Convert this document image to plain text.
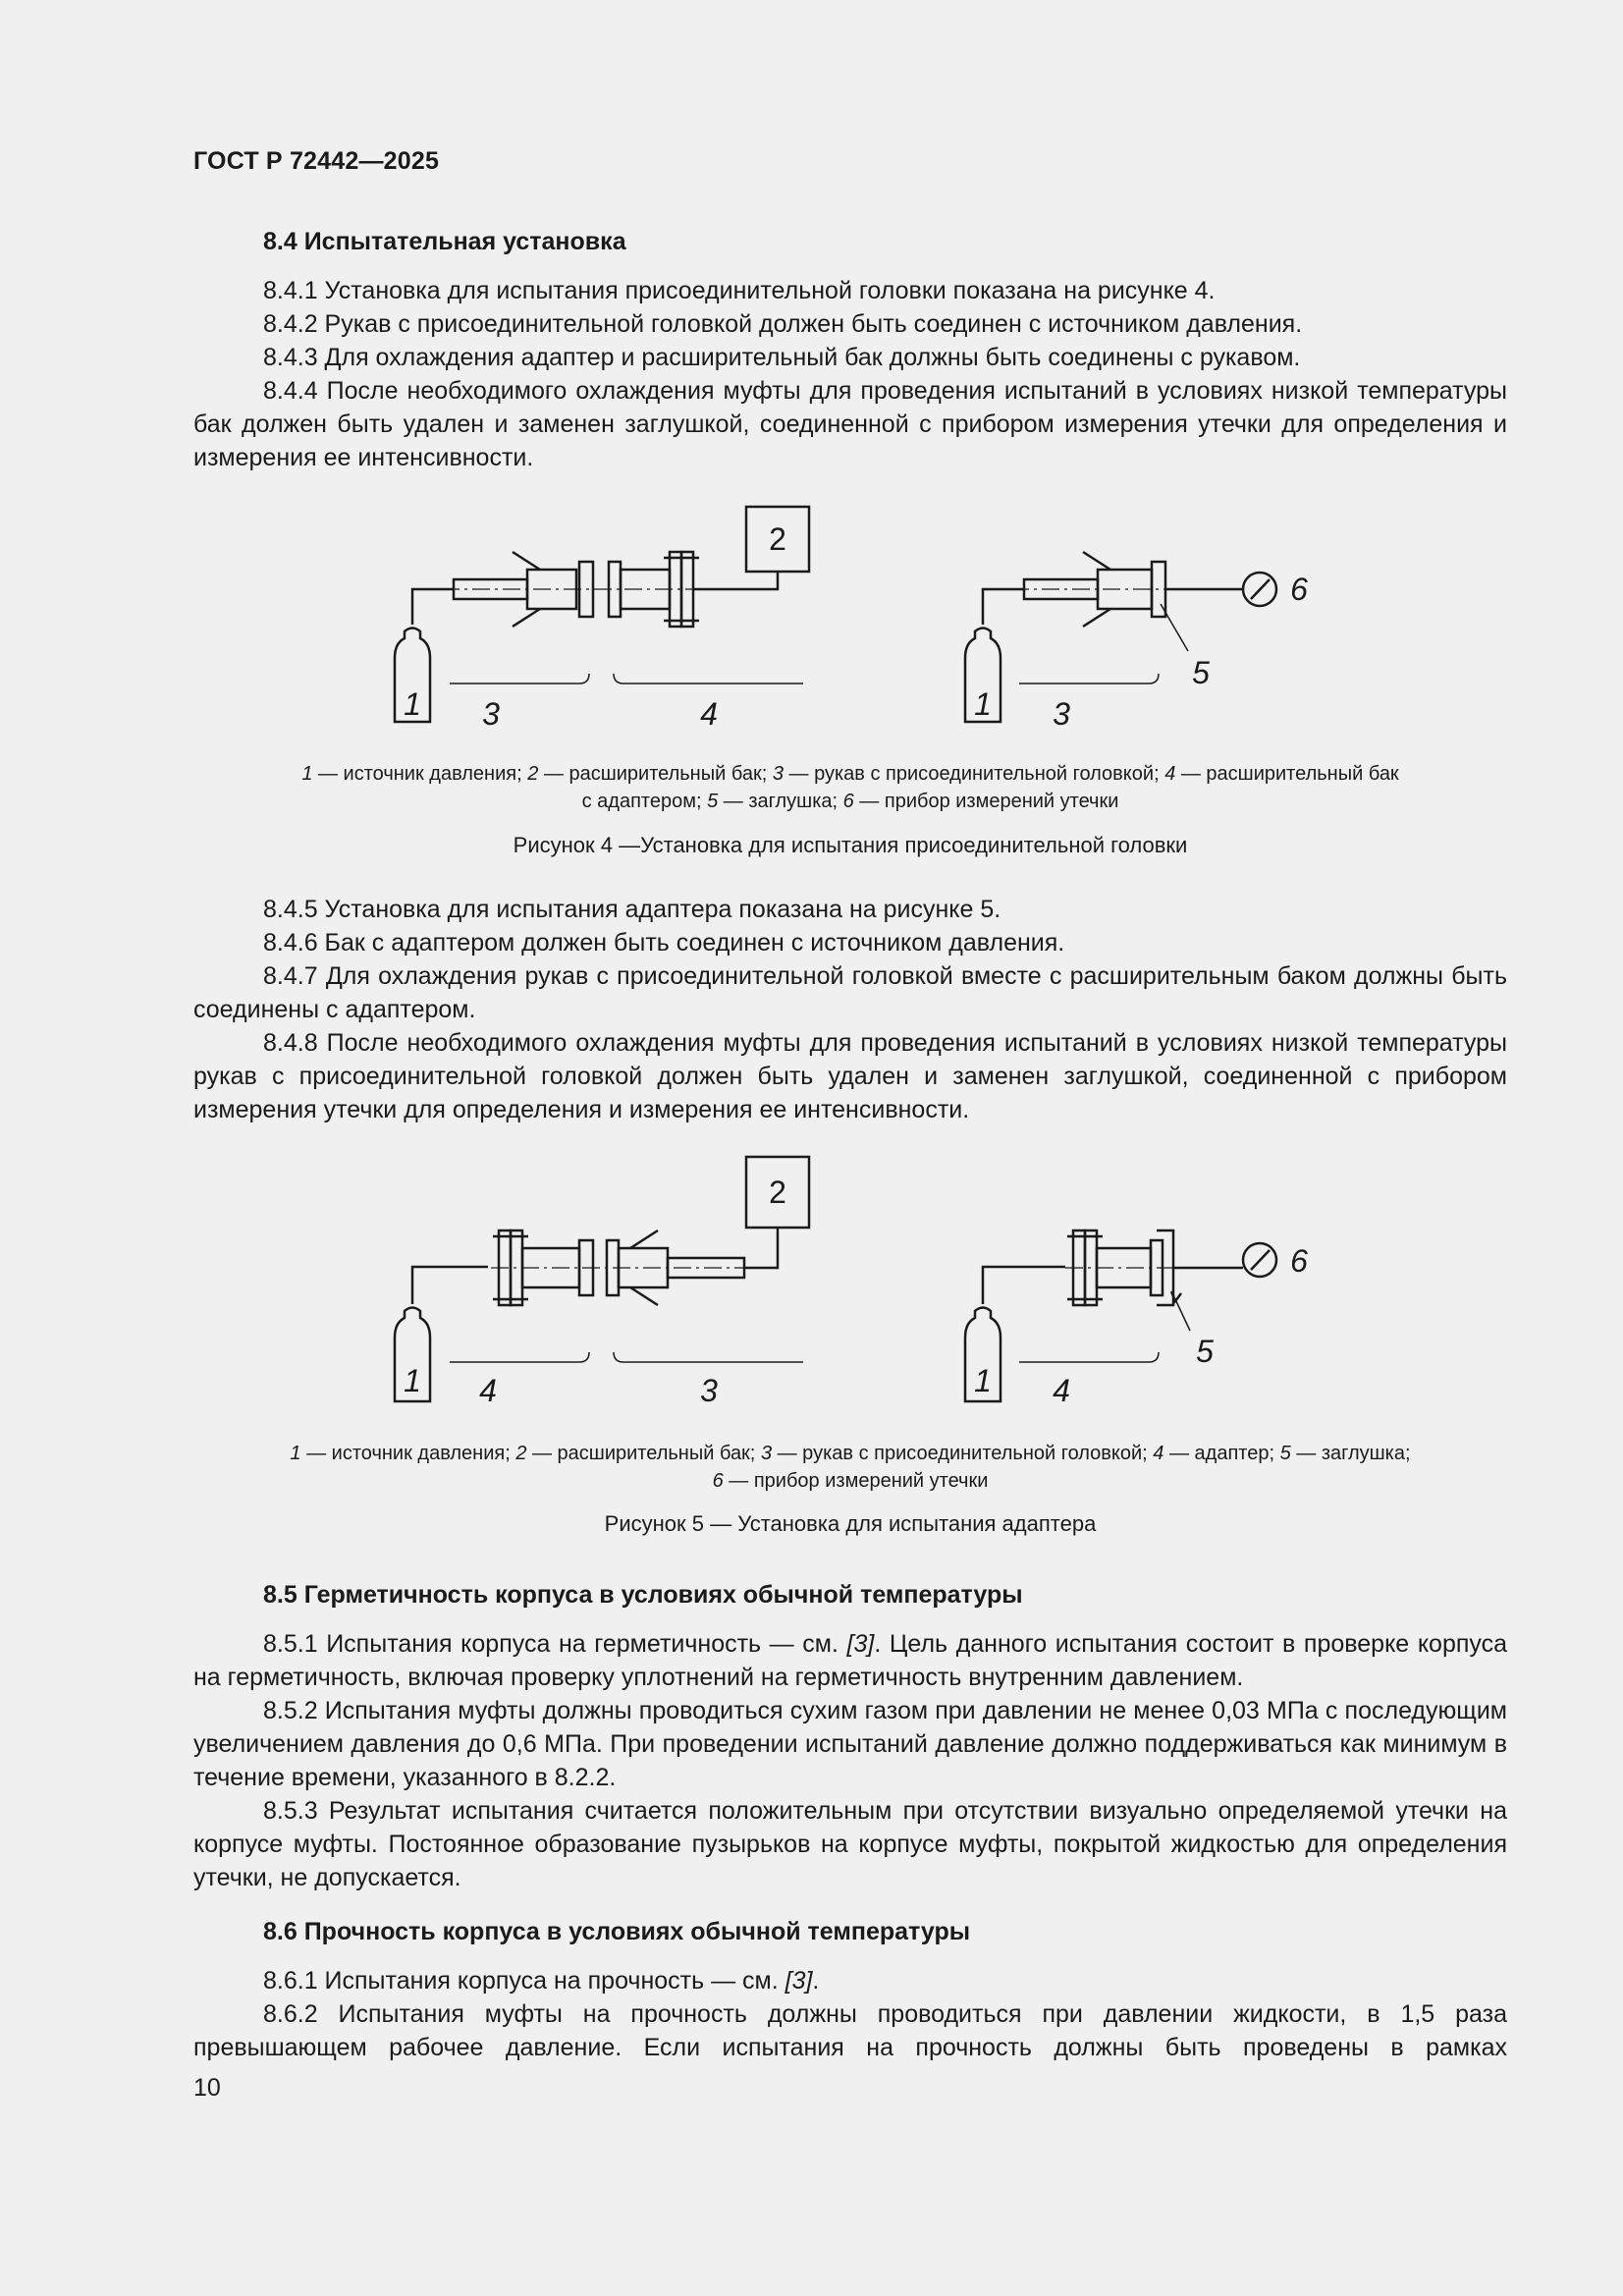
ГОСТ Р 72442—2025
8.4 Испытательная установка

8.4.1 Установка для испытания присоединительной головки показана на рисунке 4.

8.4.2 Рукав с присоединительной головкой должен быть соединен с источником давления.

8.4.3 Для охлаждения адаптер и расширительный бак должны быть соединены с рукавом.

8.4.4 После необходимого охлаждения муфты для проведения испытаний в условиях низкой температуры бак должен быть удален и заменен заглушкой, соединенной с прибором измерения утечки для определения и измерения ее интенсивности.

2
1 3	4
6
5
1 3
1 — источник давления; 2 — расширительный бак; 3 — рукав с присоединительной головкой; 4 — расширительный бак
с адаптером; 5 — заглушка; 6 — прибор измерений утечки
Рисунок 4 —Установка для испытания присоединительной головки

8.4.5 Установка для испытания адаптера показана на рисунке 5.

8.4.6 Бак с адаптером должен быть соединен с источником давления.

8.4.7 Для охлаждения рукав с присоединительной головкой вместе с расширительным баком должны быть соединены с адаптером.

8.4.8 После необходимого охлаждения муфты для проведения испытаний в условиях низкой температуры рукав с присоединительной головкой должен быть удален и заменен заглушкой, соединенной с прибором измерения утечки для определения и измерения ее интенсивности.

2
1 4	3
6
5
1 4
1 — источник давления; 2 — расширительный бак; 3 — рукав с присоединительной головкой; 4 — адаптер; 5 — заглушка;
6 — прибор измерений утечки
Рисунок 5 — Установка для испытания адаптера
8.5 Герметичность корпуса в условиях обычной температуры

8.5.1 Испытания корпуса на герметичность — см. [3]. Цель данного испытания состоит в проверке корпуса на герметичность, включая проверку уплотнений на герметичность внутренним давлением.

8.5.2 Испытания муфты должны проводиться сухим газом при давлении не менее 0,03 МПа с последующим увеличением давления до 0,6 МПа. При проведении испытаний давление должно поддерживаться как минимум в течение времени, указанного в 8.2.2.

8.5.3 Результат испытания считается положительным при отсутствии визуально определяемой утечки на корпусе муфты. Постоянное образование пузырьков на корпусе муфты, покрытой жидкостью для определения утечки, не допускается.

8.6 Прочность корпуса в условиях обычной температуры

8.6.1 Испытания корпуса на прочность — см. [3].

8.6.2 Испытания муфты на прочность должны проводиться при давлении жидкости, в 1,5 раза превышающем рабочее давление. Если испытания на прочность должны быть проведены в рамках

10
